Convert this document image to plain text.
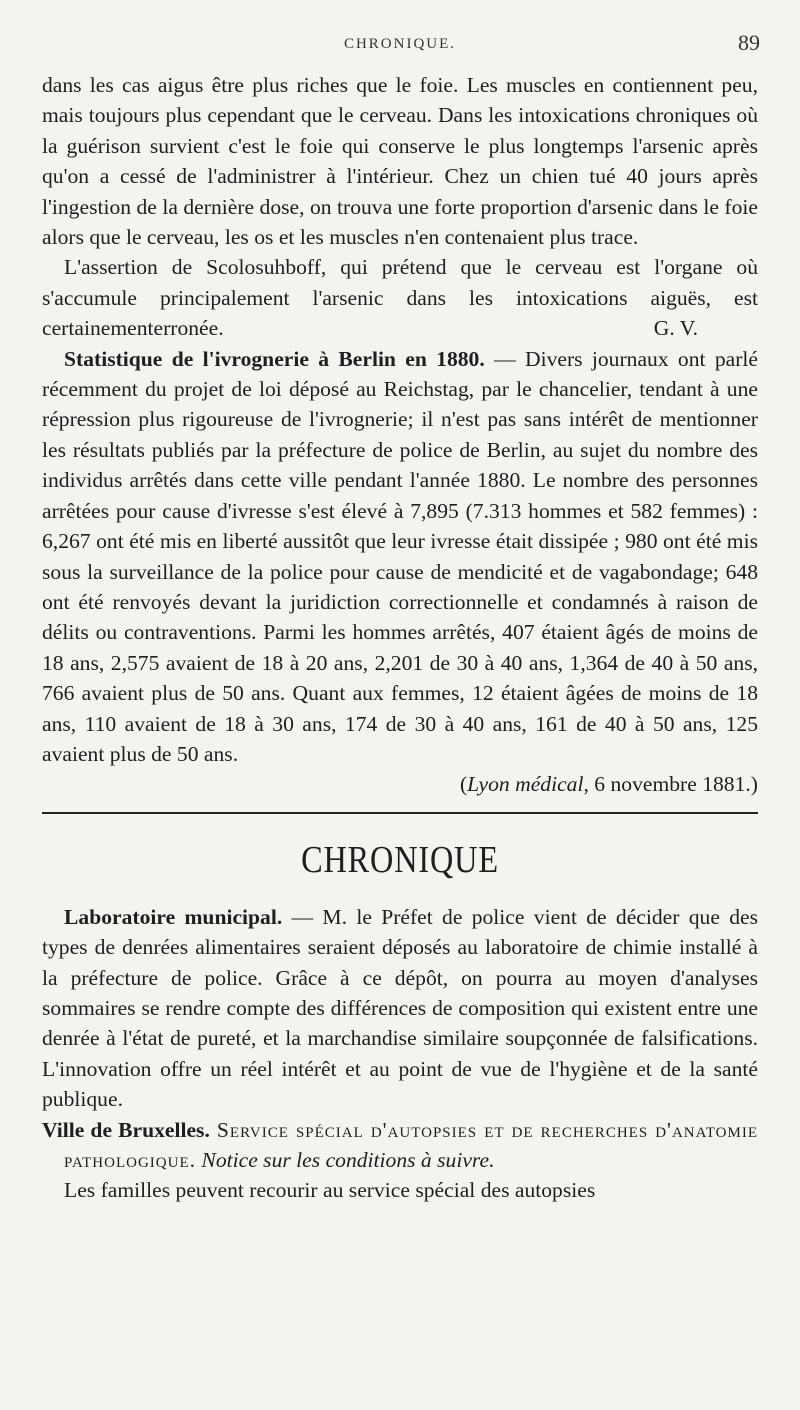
CHRONIQUE.	89

dans les cas aigus être plus riches que le foie. Les muscles en contiennent peu, mais toujours plus cependant que le cerveau. Dans les intoxications chroniques où la guérison survient c'est le foie qui conserve le plus longtemps l'arsenic après qu'on a cessé de l'administrer à l'intérieur. Chez un chien tué 40 jours après l'ingestion de la dernière dose, on trouva une forte proportion d'arsenic dans le foie alors que le cerveau, les os et les muscles n'en contenaient plus trace.

L'assertion de Scolosuhboff, qui prétend que le cerveau est l'organe où s'accumule principalement l'arsenic dans les intoxications aiguës, est certainementerronée.	G. V.

Statistique de l'ivrognerie à Berlin en 1880. — Divers journaux ont parlé récemment du projet de loi déposé au Reichstag, par le chancelier, tendant à une répression plus rigoureuse de l'ivrognerie; il n'est pas sans intérêt de mentionner les résultats publiés par la préfecture de police de Berlin, au sujet du nombre des individus arrêtés dans cette ville pendant l'année 1880. Le nombre des personnes arrêtées pour cause d'ivresse s'est élevé à 7,895 (7.313 hommes et 582 femmes) : 6,267 ont été mis en liberté aussitôt que leur ivresse était dissipée ; 980 ont été mis sous la surveillance de la police pour cause de mendicité et de vagabondage; 648 ont été renvoyés devant la juridiction correctionnelle et condamnés à raison de délits ou contraventions. Parmi les hommes arrêtés, 407 étaient âgés de moins de 18 ans, 2,575 avaient de 18 à 20 ans, 2,201 de 30 à 40 ans, 1,364 de 40 à 50 ans, 766 avaient plus de 50 ans. Quant aux femmes, 12 étaient âgées de moins de 18 ans, 110 avaient de 18 à 30 ans, 174 de 30 à 40 ans, 161 de 40 à 50 ans, 125 avaient plus de 50 ans.

(Lyon médical, 6 novembre 1881.)

CHRONIQUE

Laboratoire municipal. — M. le Préfet de police vient de décider que des types de denrées alimentaires seraient déposés au laboratoire de chimie installé à la préfecture de police. Grâce à ce dépôt, on pourra au moyen d'analyses sommaires se rendre compte des différences de composition qui existent entre une denrée à l'état de pureté, et la marchandise similaire soupçonnée de falsifications. L'innovation offre un réel intérêt et au point de vue de l'hygiène et de la santé publique.

Ville de Bruxelles. Service spécial d'autopsies et de recherches d'anatomie pathologique. Notice sur les conditions à suivre.

Les familles peuvent recourir au service spécial des autopsies
